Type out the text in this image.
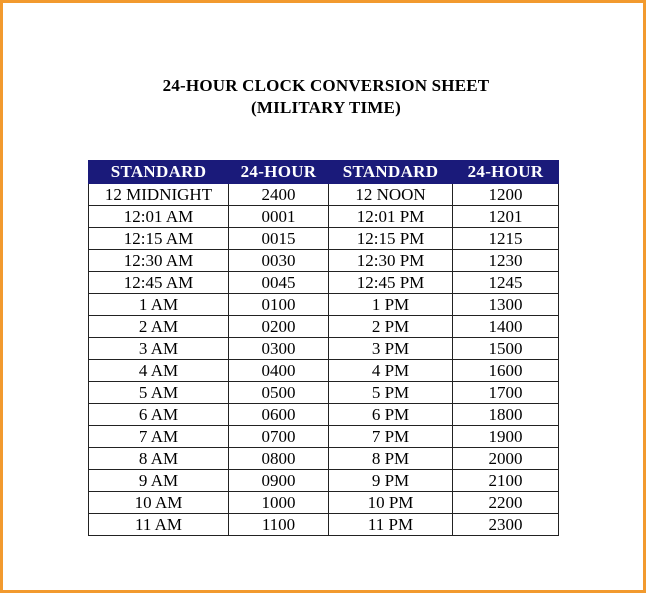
24-HOUR CLOCK CONVERSION SHEET
(MILITARY TIME)
STANDARD	24-HOUR	STANDARD	24-HOUR
12 MIDNIGHT	2400	12 NOON	1200
12:01 AM	0001	12:01 PM	1201
12:15 AM	0015	12:15 PM	1215
12:30 AM	0030	12:30 PM	1230
12:45 AM	0045	12:45 PM	1245
1 AM	0100	1 PM	1300
2 AM	0200	2 PM	1400
3 AM	0300	3 PM	1500
4 AM	0400	4 PM	1600
5 AM	0500	5 PM	1700
6 AM	0600	6 PM	1800
7 AM	0700	7 PM	1900
8 AM	0800	8 PM	2000
9 AM	0900	9 PM	2100
10 AM	1000	10 PM	2200
11 AM	1100	11 PM	2300
